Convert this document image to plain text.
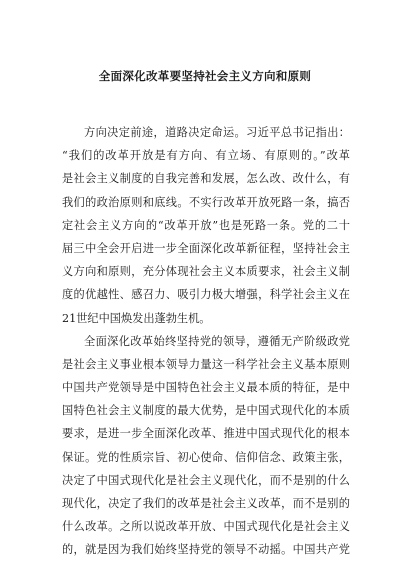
全面深化改革要坚持社会主义方向和原则
方向决定前途，道路决定命运。习近平总书记指出：
“我们的改革开放是有方向、有立场、有原则的。”改革
是社会主义制度的自我完善和发展，怎么改、改什么，有
我们的政治原则和底线。不实行改革开放死路一条，搞否
定社会主义方向的“改革开放”也是死路一条。党的二十
届三中全会开启进一步全面深化改革新征程，坚持社会主
义方向和原则，充分体现社会主义本质要求，社会主义制
度的优越性、感召力、吸引力极大增强，科学社会主义在
21世纪中国焕发出蓬勃生机。
全面深化改革始终坚持党的领导，遵循无产阶级政党
是社会主义事业根本领导力量这一科学社会主义基本原则
中国共产党领导是中国特色社会主义最本质的特征，是中
国特色社会主义制度的最大优势，是中国式现代化的本质
要求，是进一步全面深化改革、推进中国式现代化的根本
保证。党的性质宗旨、初心使命、信仰信念、政策主张，
决定了中国式现代化是社会主义现代化，而不是别的什么
现代化，决定了我们的改革是社会主义改革，而不是别的
什么改革。之所以说改革开放、中国式现代化是社会主义
的，就是因为我们始终坚持党的领导不动摇。中国共产党
